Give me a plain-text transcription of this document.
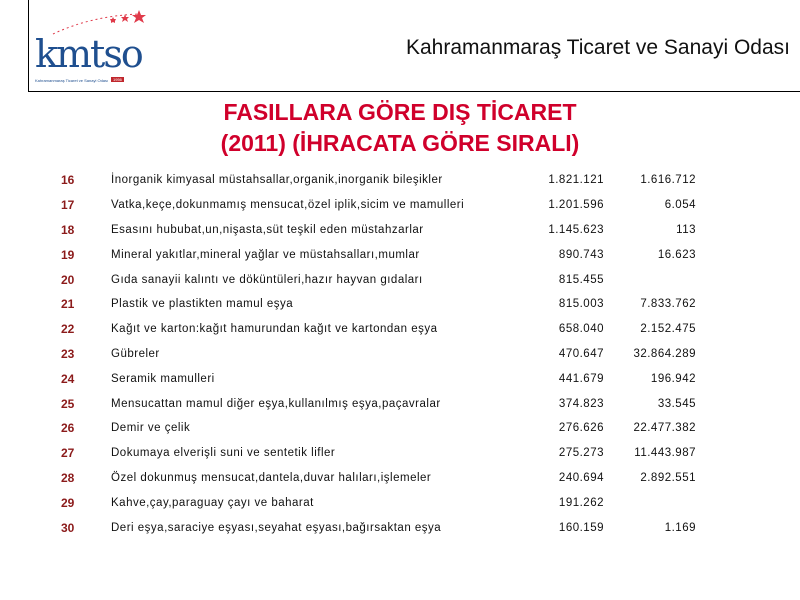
kmtso
Kahramanmaraş Ticaret ve Sanayi Odası	1956
Kahramanmaraş Ticaret ve Sanayi Odası
FASILLARA GÖRE DIŞ TİCARET
(2011) (İHRACATA GÖRE SIRALI)
16	İnorganik kimyasal müstahsallar,organik,inorganik bileşikler	1.821.121	1.616.712
17	Vatka,keçe,dokunmamış mensucat,özel iplik,sicim ve mamulleri	1.201.596	6.054
18	Esasını hububat,un,nişasta,süt teşkil eden müstahzarlar	1.145.623	113
19	Mineral yakıtlar,mineral yağlar ve müstahsalları,mumlar	890.743	16.623
20	Gıda sanayii kalıntı ve döküntüleri,hazır hayvan gıdaları	815.455	
21	Plastik ve plastikten mamul eşya	815.003	7.833.762
22	Kağıt ve karton:kağıt hamurundan kağıt ve kartondan eşya	658.040	2.152.475
23	Gübreler	470.647	32.864.289
24	Seramik mamulleri	441.679	196.942
25	Mensucattan mamul diğer eşya,kullanılmış eşya,paçavralar	374.823	33.545
26	Demir ve çelik	276.626	22.477.382
27	Dokumaya elverişli suni ve sentetik lifler	275.273	11.443.987
28	Özel dokunmuş mensucat,dantela,duvar halıları,işlemeler	240.694	2.892.551
29	Kahve,çay,paraguay çayı ve baharat	191.262	
30	Deri eşya,saraciye eşyası,seyahat eşyası,bağırsaktan eşya	160.159	1.169
